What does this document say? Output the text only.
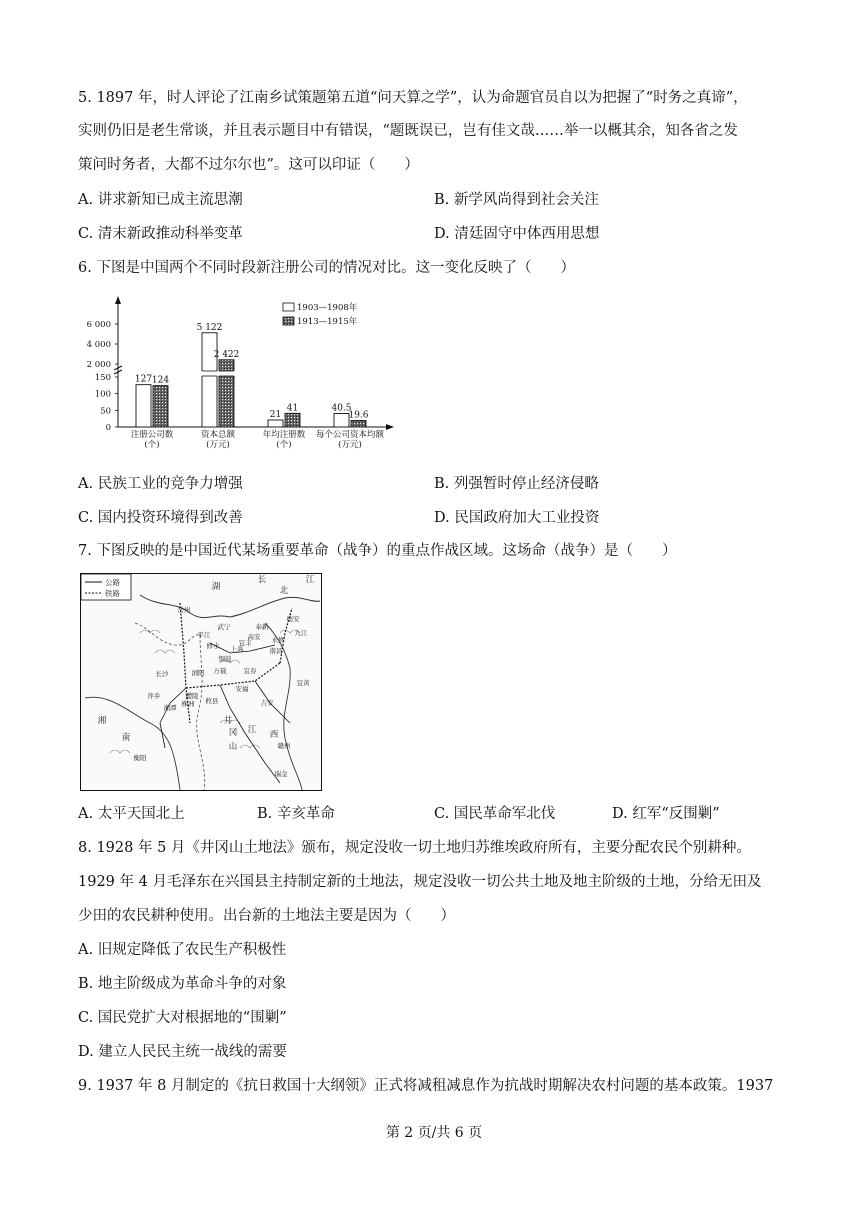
5. 1897 年，时人评论了江南乡试策题第五道“问天算之学”，认为命题官员自以为把握了“时务之真谛”，
实则仍旧是老生常谈，并且表示题目中有错误，“题既误已，岂有佳文哉……举一以概其余，知各省之发
策问时务者，大都不过尔尔也”。这可以印证（　　）
A. 讲求新知已成主流思潮	B. 新学风尚得到社会关注
C. 清末新政推动科举变革	D. 清廷固守中体西用思想
6. 下图是中国两个不同时段新注册公司的情况对比。这一变化反映了（　　）
6 000
4 000
2 000
150
100
50
0
1903—1908年
1913—1915年
127
5 122
21
40.5
124
2 422
41
19.6
注册公司数
(个)
资本总额
(万元)
年均注册数
(个)
每个公司资本均额
(万元)
A. 民族工业的竞争力增强	B. 列强暂时停止经济侵略
C. 国内投资环境得到改善	D. 民国政府加大工业投资
7. 下图反映的是中国近代某场重要革命（战争）的重点作战区域。这场命（战争）是（　　）
公路
铁路
长	江
湖	北
岳州
德安
九江
永修
南昌
武宁
修水
铜鼓
平江
浏阳
长沙
萍乡
宜春
安福
湘
南
衡阳
井
冈
山
吉安
江 西
赣州
瑞金
湘潭
醴陵
株洲 攸县
奉新
高安
宜丰
上高
万载
宜黄
A. 太平天国北上	B. 辛亥革命	C. 国民革命军北伐	D. 红军“反围剿”
8. 1928 年 5 月《井冈山土地法》颁布，规定没收一切土地归苏维埃政府所有，主要分配农民个别耕种。
1929 年 4 月毛泽东在兴国县主持制定新的土地法，规定没收一切公共土地及地主阶级的土地，分给无田及
少田的农民耕种使用。出台新的土地法主要是因为（　　）
A. 旧规定降低了农民生产积极性
B. 地主阶级成为革命斗争的对象
C. 国民党扩大对根据地的“围剿”
D. 建立人民民主统一战线的需要
9. 1937 年 8 月制定的《抗日救国十大纲领》正式将减租减息作为抗战时期解决农村问题的基本政策。1937
第 2 页/共 6 页
